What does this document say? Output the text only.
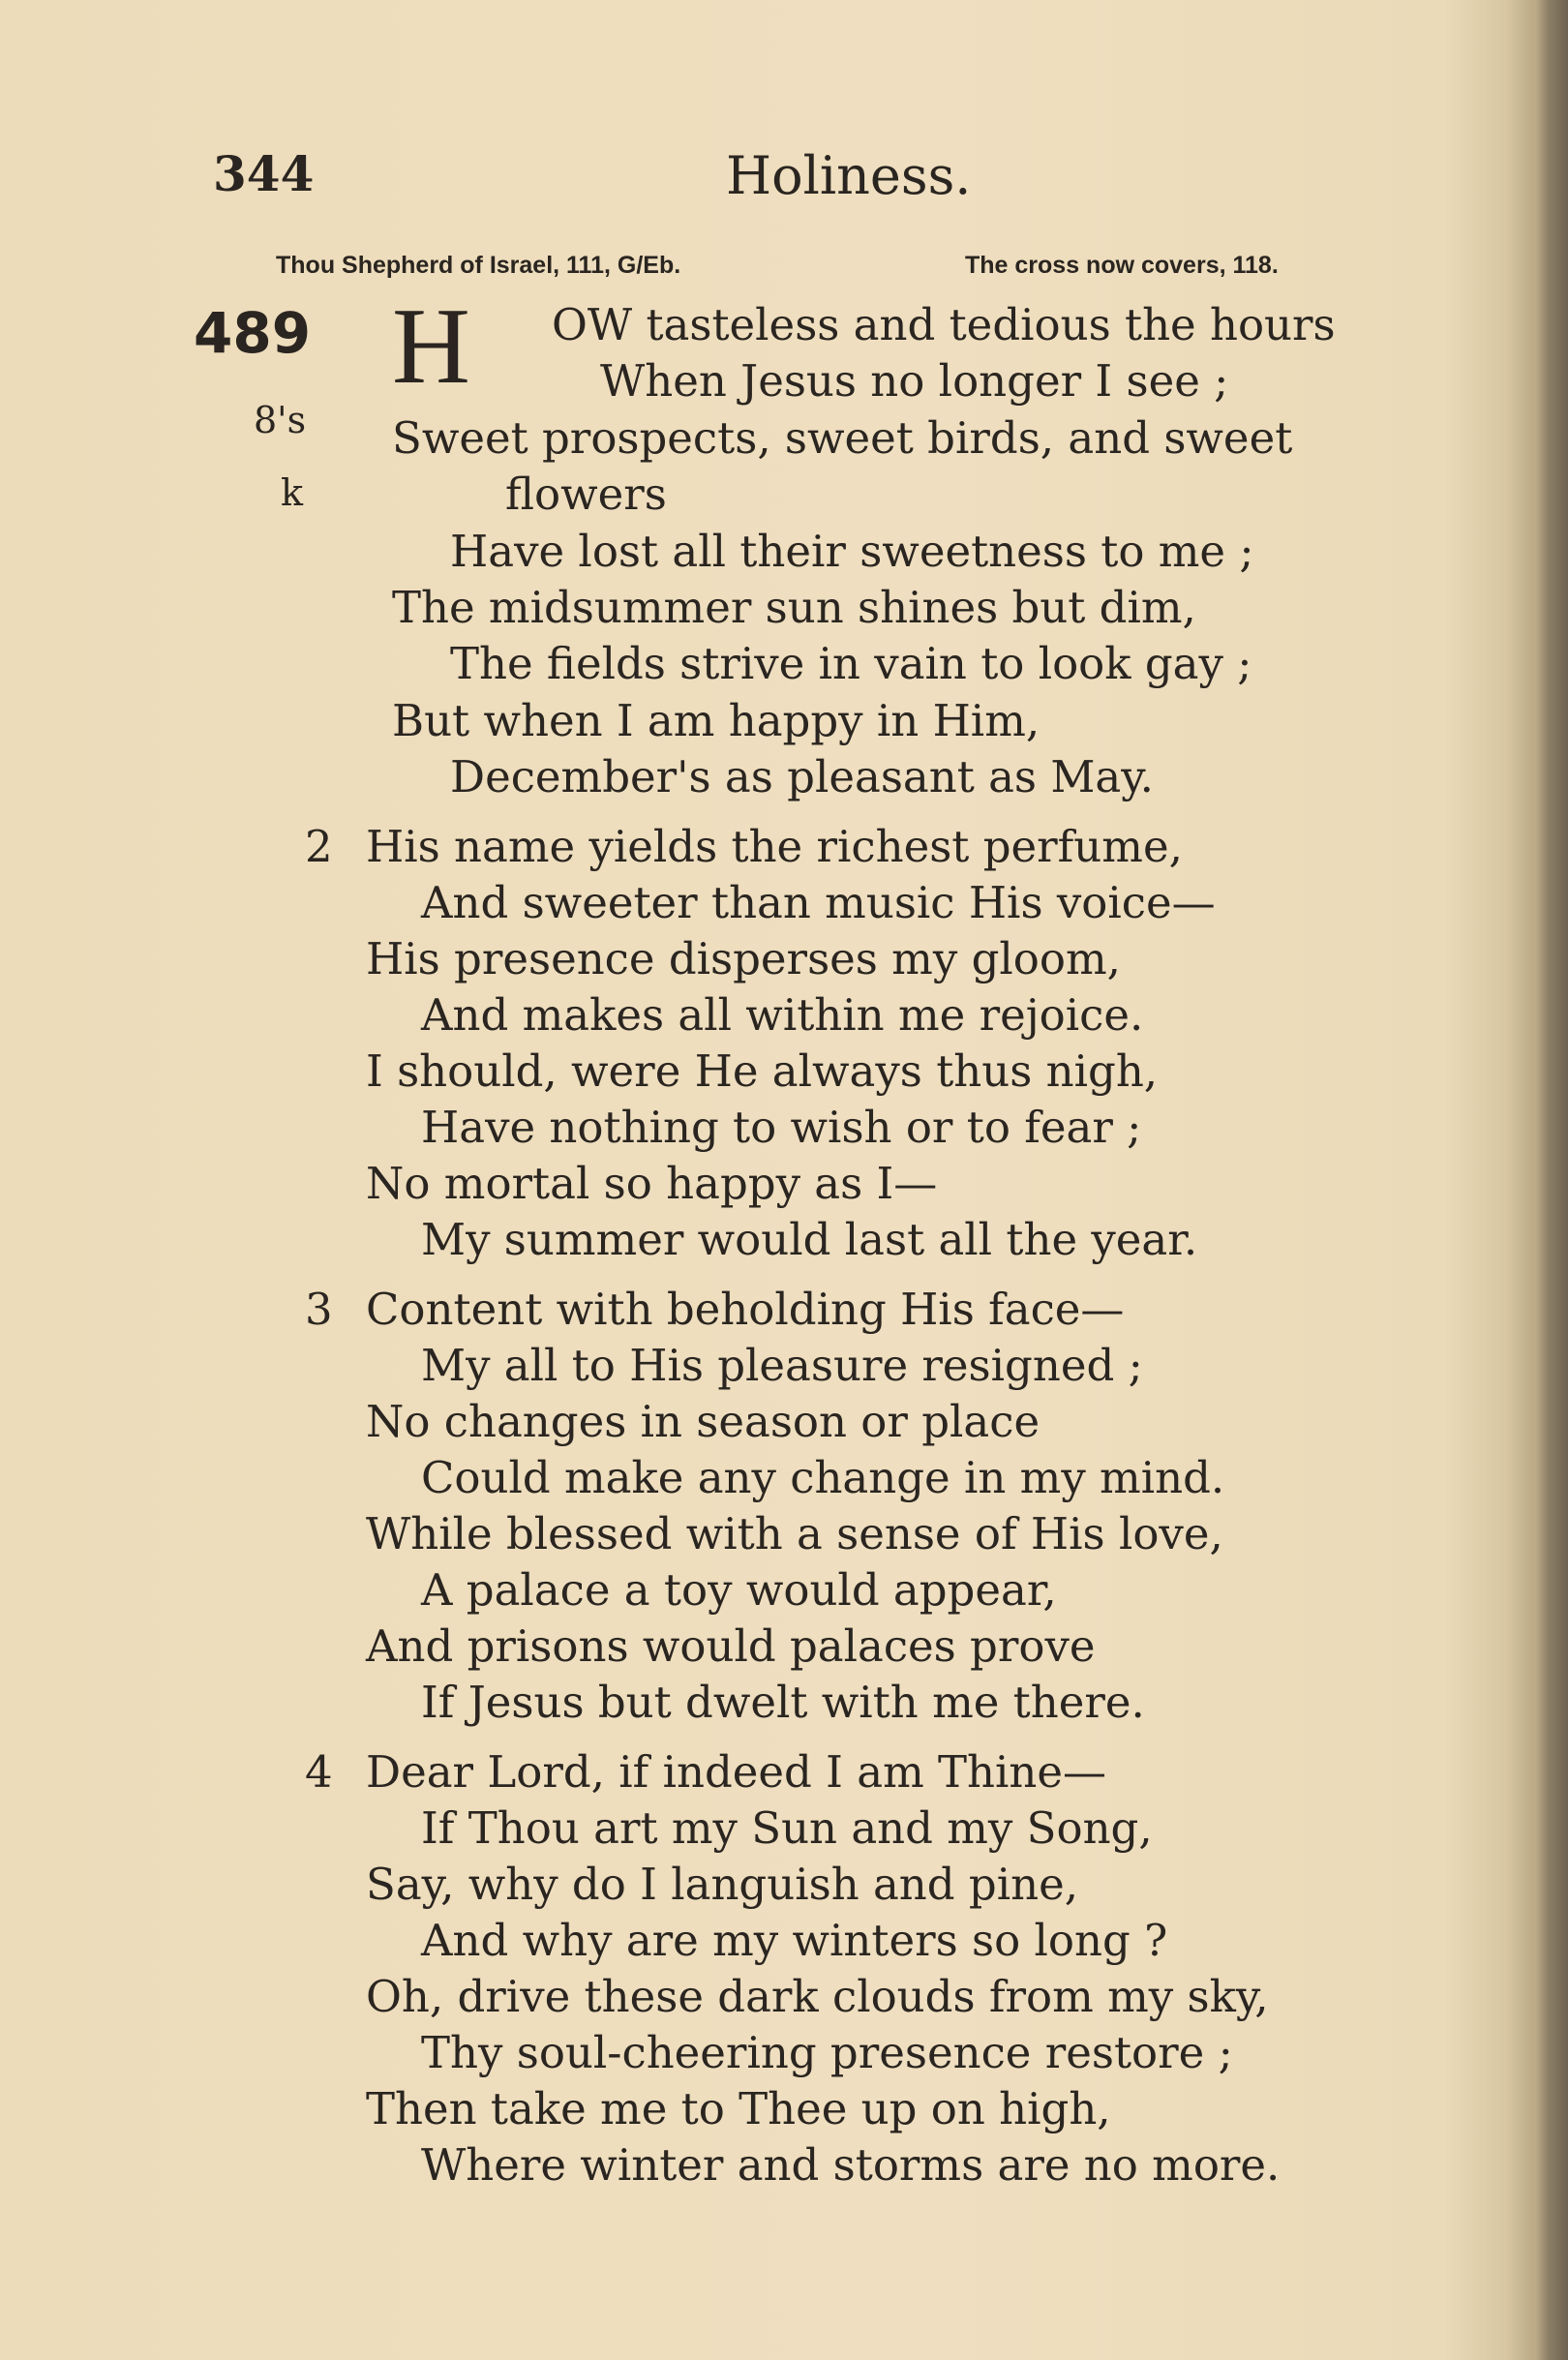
344	Holiness.
Thou Shepherd of Israel, 111, G/Eb.	The cross now covers, 118.
489
8's
k
H OW tasteless and tedious the hours
When Jesus no longer I see ;
Sweet prospects, sweet birds, and sweet
flowers
Have lost all their sweetness to me ;
The midsummer sun shines but dim,
The fields strive in vain to look gay ;
But when I am happy in Him,
December's as pleasant as May.
2 His name yields the richest perfume,
And sweeter than music His voice—
His presence disperses my gloom,
And makes all within me rejoice.
I should, were He always thus nigh,
Have nothing to wish or to fear ;
No mortal so happy as I—
My summer would last all the year.
3 Content with beholding His face—
My all to His pleasure resigned ;
No changes in season or place
Could make any change in my mind.
While blessed with a sense of His love,
A palace a toy would appear,
And prisons would palaces prove
If Jesus but dwelt with me there.
4 Dear Lord, if indeed I am Thine—
If Thou art my Sun and my Song,
Say, why do I languish and pine,
And why are my winters so long ?
Oh, drive these dark clouds from my sky,
Thy soul-cheering presence restore ;
Then take me to Thee up on high,
Where winter and storms are no more.
